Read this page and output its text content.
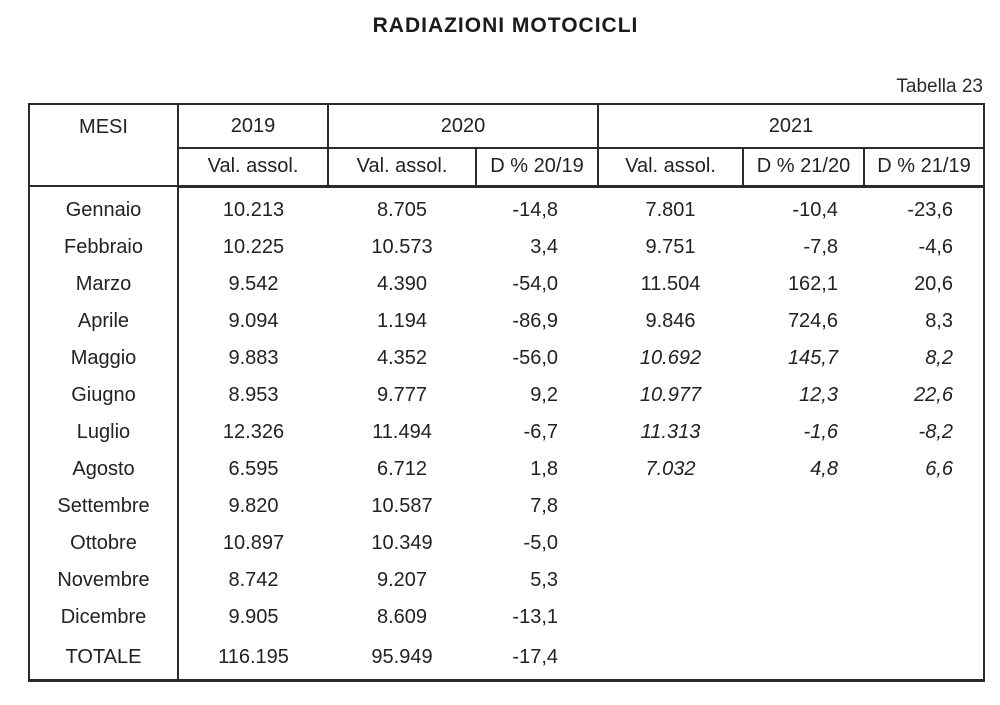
RADIAZIONI MOTOCICLI
Tabella 23
MESI	2019	2020		2021		
	Val. assol.	Val. assol.	D % 20/19	Val. assol.	D % 21/20	D % 21/19

Gennaio	10.213	8.705	-14,8	7.801	-10,4	-23,6
Febbraio	10.225	10.573	3,4	9.751	-7,8	-4,6
Marzo	9.542	4.390	-54,0	11.504	162,1	20,6
Aprile	9.094	1.194	-86,9	9.846	724,6	8,3
Maggio	9.883	4.352	-56,0	10.692	145,7	8,2
Giugno	8.953	9.777	9,2	10.977	12,3	22,6
Luglio	12.326	11.494	-6,7	11.313	-1,6	-8,2
Agosto	6.595	6.712	1,8	7.032	4,8	6,6
Settembre	9.820	10.587	7,8			
Ottobre	10.897	10.349	-5,0			
Novembre	8.742	9.207	5,3			
Dicembre	9.905	8.609	-13,1			
TOTALE	116.195	95.949	-17,4			
